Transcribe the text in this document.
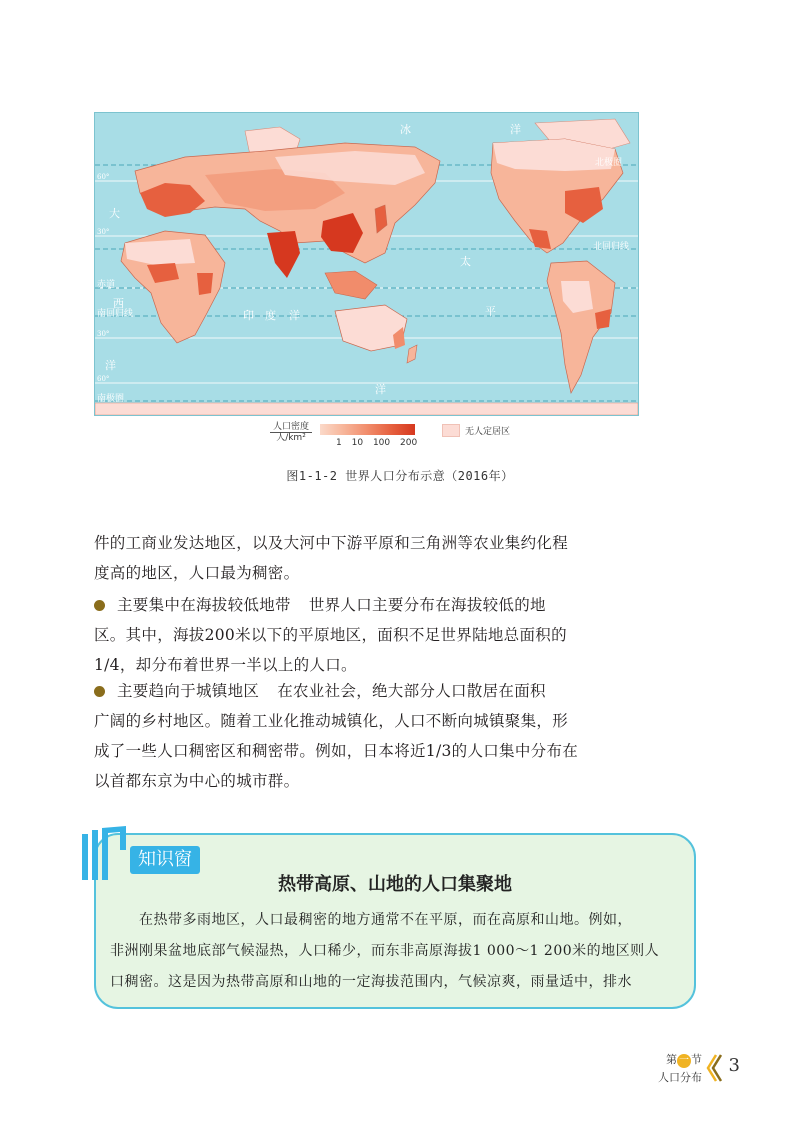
冰	洋
太
平
大
西
洋
印 度 洋
洋
北极圈
北回归线
赤道
南回归线
南极圈
60°
30°
30°
60°
人口密度
人/km²	1 10 100 200
无人定居区
图1-1-2 世界人口分布示意（2016年）
件的工商业发达地区，以及大河中下游平原和三角洲等农业集约化程
度高的地区，人口最为稠密。
主要集中在海拔较低地带 世界人口主要分布在海拔较低的地
区。其中，海拔200米以下的平原地区，面积不足世界陆地总面积的
1/4，却分布着世界一半以上的人口。
主要趋向于城镇地区 在农业社会，绝大部分人口散居在面积
广阔的乡村地区。随着工业化推动城镇化，人口不断向城镇聚集，形
成了一些人口稠密区和稠密带。例如，日本将近1/3的人口集中分布在
以首都东京为中心的城市群。
知识窗
热带高原、山地的人口集聚地

　　在热带多雨地区，人口最稠密的地方通常不在平原，而在高原和山地。例如，

非洲刚果盆地底部气候湿热，人口稀少，而东非高原海拔1 000～1 200米的地区则人

口稠密。这是因为热带高原和山地的一定海拔范围内，气候凉爽，雨量适中，排水

第 一 节
人口分布
3
